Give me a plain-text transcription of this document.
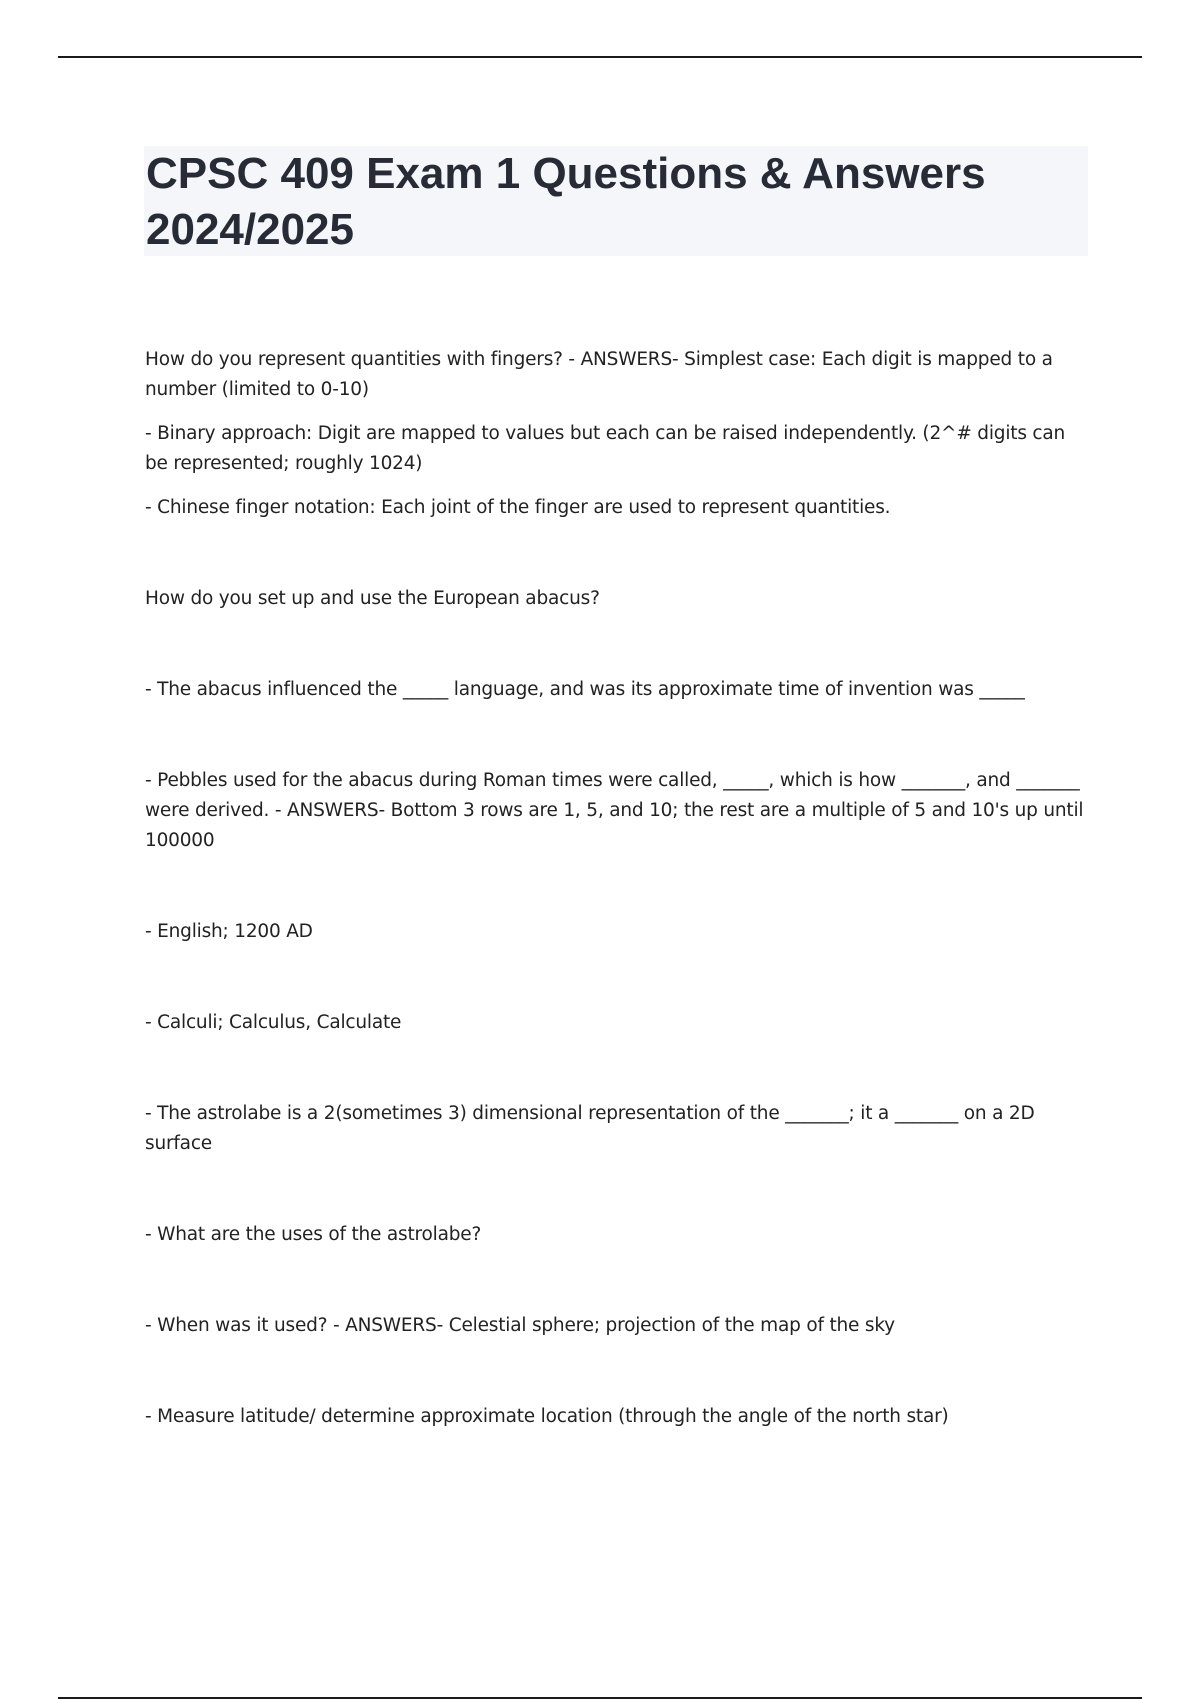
CPSC 409 Exam 1 Questions & Answers
2024/2025

How do you represent quantities with fingers? - ANSWERS- Simplest case: Each digit is mapped to a number (limited to 0-10)

- Binary approach: Digit are mapped to values but each can be raised independently. (2^# digits can be represented; roughly 1024)

- Chinese finger notation: Each joint of the finger are used to represent quantities.

How do you set up and use the European abacus?

- The abacus influenced the _____ language, and was its approximate time of invention was _____

- Pebbles used for the abacus during Roman times were called, _____, which is how _______, and _______ were derived. - ANSWERS- Bottom 3 rows are 1, 5, and 10; the rest are a multiple of 5 and 10's up until 100000

- English; 1200 AD

- Calculi; Calculus, Calculate

- The astrolabe is a 2(sometimes 3) dimensional representation of the _______; it a _______ on a 2D surface

- What are the uses of the astrolabe?

- When was it used? - ANSWERS- Celestial sphere; projection of the map of the sky

- Measure latitude/ determine approximate location (through the angle of the north star)
